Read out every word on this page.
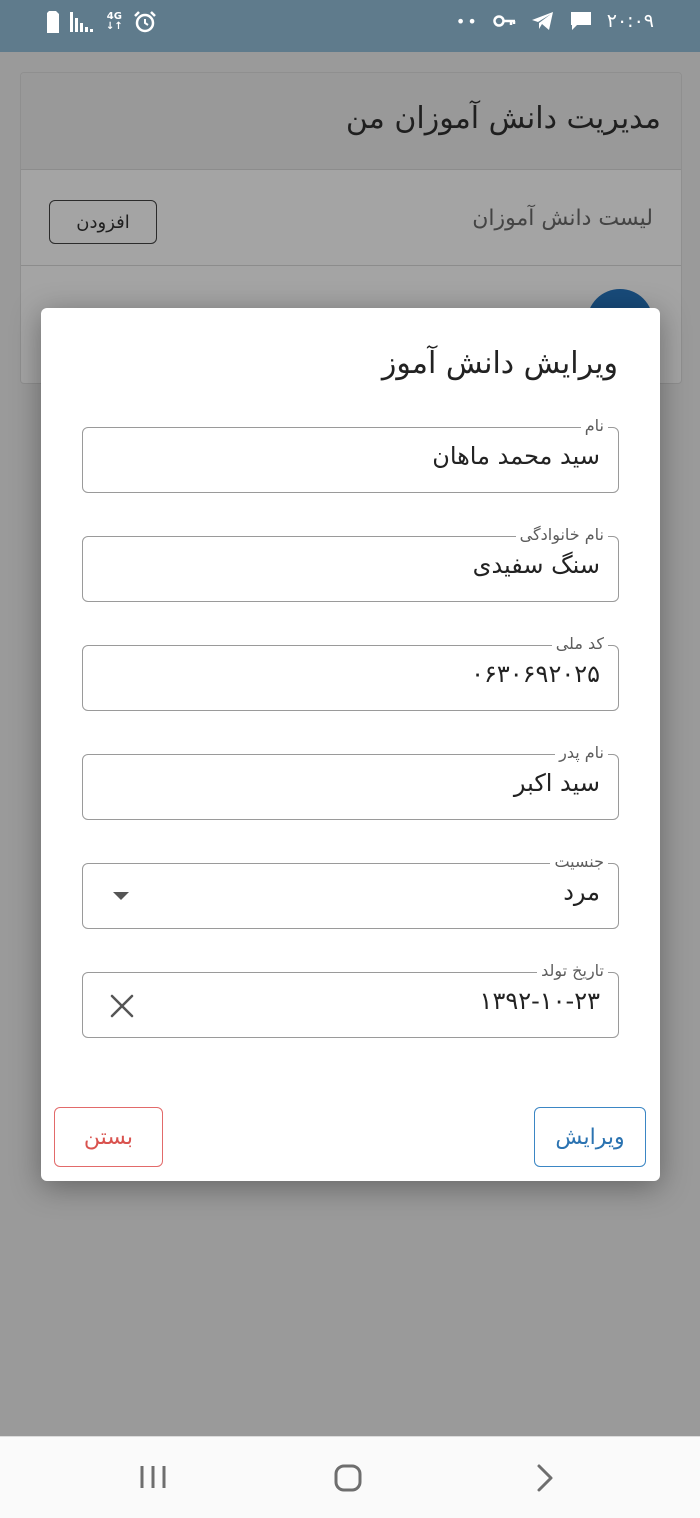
4G
↓↑	••	۲۰:۰۹
مدیریت دانش آموزان من
لیست دانش آموزان
افزودن
ویرایش دانش آموز
نام
سید محمد ماهان
نام خانوادگی
سنگ سفیدی
کد ملی
۰۶۳۰۶۹۲۰۲۵
نام پدر
سید اکبر
جنسیت
مرد
تاریخ تولد
۱۳۹۲-۱۰-۲۳
ویرایش
بستن
